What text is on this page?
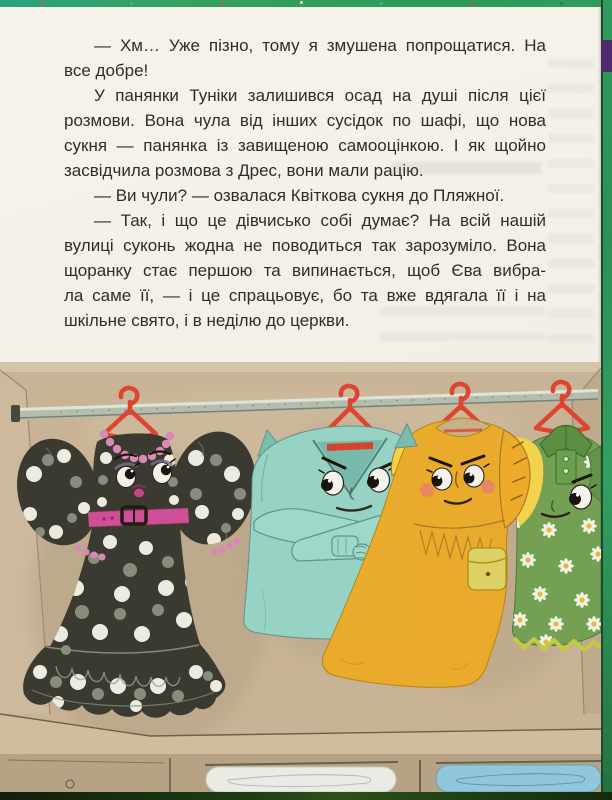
— Хм… Уже пізно, тому я змушена попрощатися. На
все добре!
У панянки Туніки залишився осад на душі після цієї
розмови. Вона чула від інших сусідок по шафі, що нова
сукня — панянка із завищеною самооцінкою. І як щойно
засвідчила розмова з Дрес, вони мали рацію.
— Ви чули? — озвалася Квіткова сукня до Пляжної.
— Так, і що це дівчисько собі думає? На всій нашій
вулиці суконь жодна не поводиться так зарозуміло. Вона
щоранку стає першою та випинається, щоб Єва вибра-
ла саме її, — і це спрацьовує, бо та вже вдягала її і на
шкільне свято, і в неділю до церкви.
